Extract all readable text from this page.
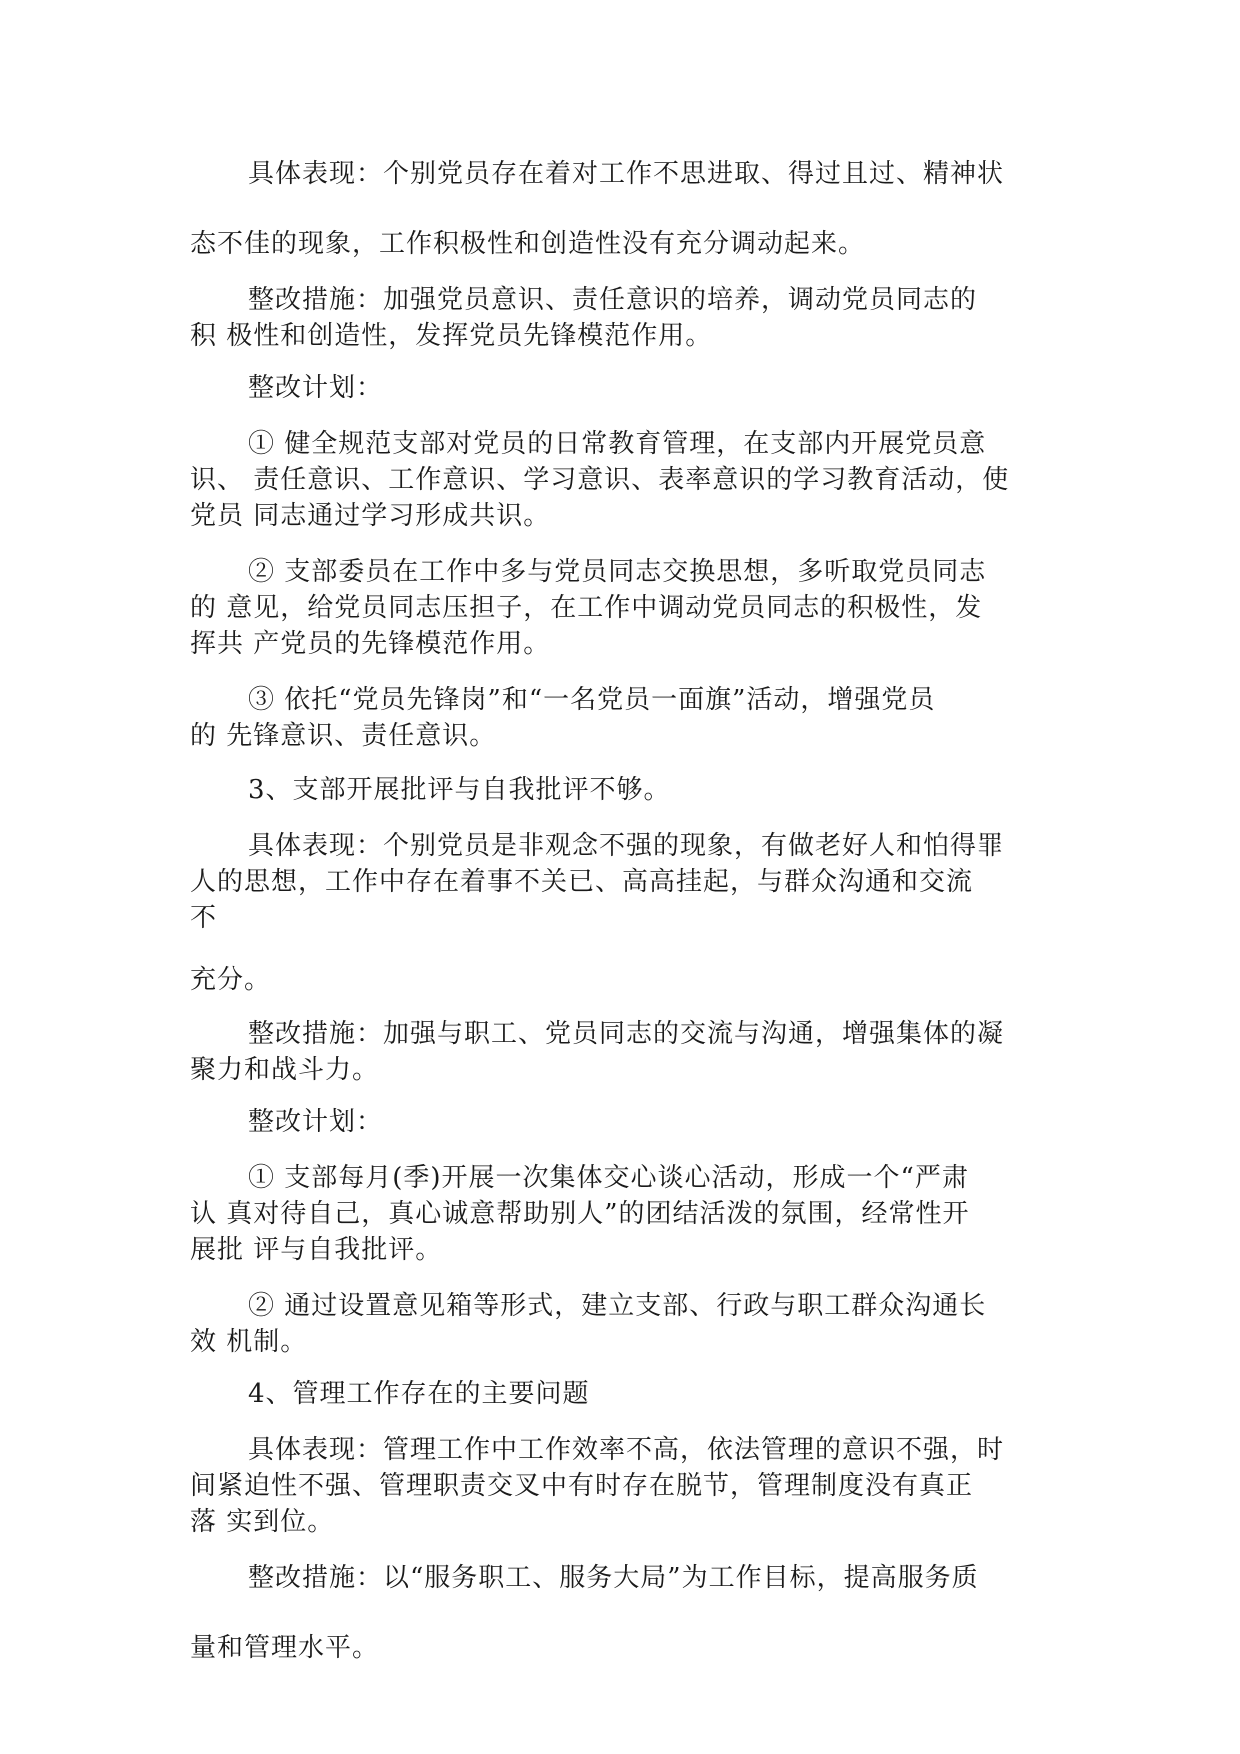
具体表现：个别党员存在着对工作不思进取、得过且过、精神状
态不佳的现象，工作积极性和创造性没有充分调动起来。
整改措施：加强党员意识、责任意识的培养，调动党员同志的
积 极性和创造性，发挥党员先锋模范作用。
整改计划：
① 健全规范支部对党员的日常教育管理，在支部内开展党员意
识、 责任意识、工作意识、学习意识、表率意识的学习教育活动，使
党员 同志通过学习形成共识。
② 支部委员在工作中多与党员同志交换思想，多听取党员同志
的 意见，给党员同志压担子，在工作中调动党员同志的积极性，发
挥共 产党员的先锋模范作用。
③ 依托“党员先锋岗”和“一名党员一面旗”活动，增强党员
的 先锋意识、责任意识。
3、支部开展批评与自我批评不够。
具体表现：个别党员是非观念不强的现象，有做老好人和怕得罪
人的思想，工作中存在着事不关已、高高挂起，与群众沟通和交流
不
充分。
整改措施：加强与职工、党员同志的交流与沟通，增强集体的凝
聚力和战斗力。
整改计划：
① 支部每月(季)开展一次集体交心谈心活动，形成一个“严肃
认 真对待自己，真心诚意帮助别人”的团结活泼的氛围，经常性开
展批 评与自我批评。
② 通过设置意见箱等形式，建立支部、行政与职工群众沟通长
效 机制。
4、管理工作存在的主要问题
具体表现：管理工作中工作效率不高，依法管理的意识不强，时
间紧迫性不强、管理职责交叉中有时存在脱节，管理制度没有真正
落 实到位。
整改措施：以“服务职工、服务大局”为工作目标，提高服务质
量和管理水平。
